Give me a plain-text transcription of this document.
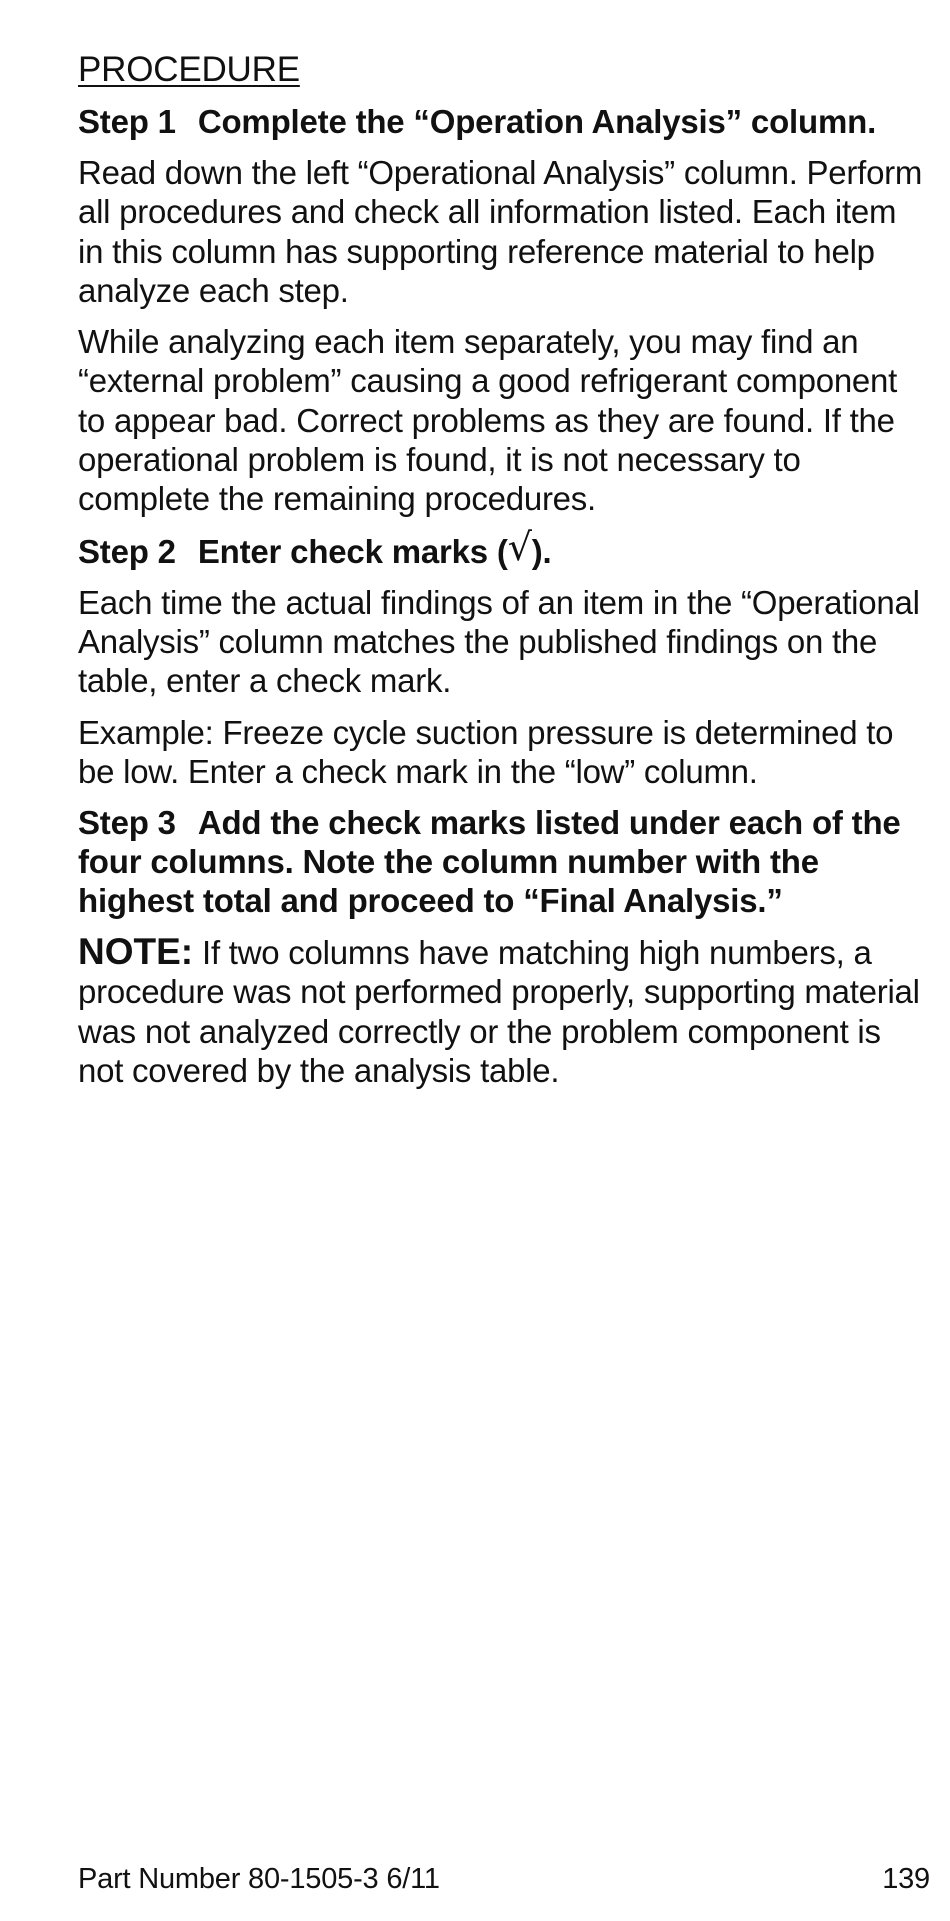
PROCEDURE
Step 1 Complete the “Operation Analysis” column.

Read down the left “Operational Analysis” column. Perform all procedures and check all information listed. Each item in this column has supporting reference material to help analyze each step.

While analyzing each item separately, you may find an “external problem” causing a good refrigerant component to appear bad. Correct problems as they are found. If the operational problem is found, it is not necessary to complete the remaining procedures.

Step 2 Enter check marks (√).

Each time the actual findings of an item in the “Operational Analysis” column matches the published findings on the table, enter a check mark.

Example: Freeze cycle suction pressure is determined to be low. Enter a check mark in the “low” column.

Step 3 Add the check marks listed under each of the four columns. Note the column number with the highest total and proceed to “Final Analysis.”

NOTE: If two columns have matching high numbers, a procedure was not performed properly, supporting material was not analyzed correctly or the problem component is not covered by the analysis table.

Part Number 80-1505-3 6/11	139
